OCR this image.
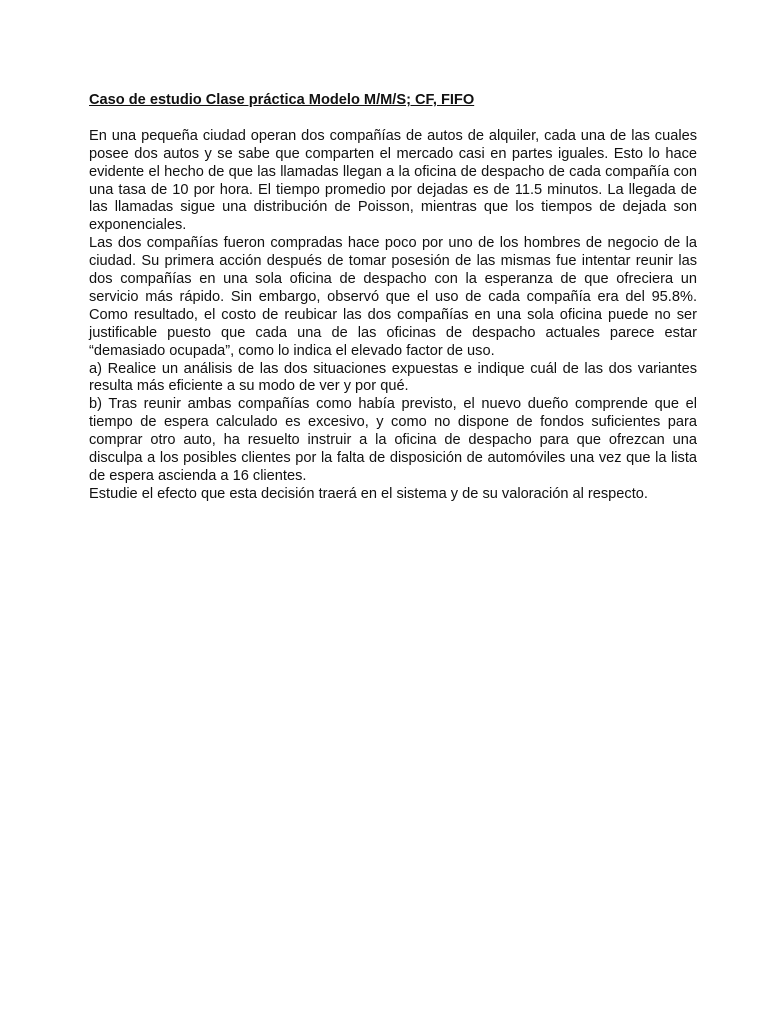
Caso de estudio Clase práctica Modelo M/M/S; CF, FIFO

En una pequeña ciudad operan dos compañías de autos de alquiler, cada una de las cuales posee dos autos y se sabe que comparten el mercado casi en partes iguales. Esto lo hace evidente el hecho de que las llamadas llegan a la oficina de despacho de cada compañía con una tasa de 10 por hora. El tiempo promedio por dejadas es de 11.5 minutos. La llegada de las llamadas sigue una distribución de Poisson, mientras que los tiempos de dejada son exponenciales.

Las dos compañías fueron compradas hace poco por uno de los hombres de negocio de la ciudad. Su primera acción después de tomar posesión de las mismas fue intentar reunir las dos compañías en una sola oficina de despacho con la esperanza de que ofreciera un servicio más rápido. Sin embargo, observó que el uso de cada compañía era del 95.8%. Como resultado, el costo de reubicar las dos compañías en una sola oficina puede no ser justificable puesto que cada una de las oficinas de despacho actuales parece estar “demasiado ocupada”, como lo indica el elevado factor de uso.

a) Realice un análisis de las dos situaciones expuestas e indique cuál de las dos variantes resulta más eficiente a su modo de ver y por qué.

b) Tras reunir ambas compañías como había previsto, el nuevo dueño comprende que el tiempo de espera calculado es excesivo, y como no dispone de fondos suficientes para comprar otro auto, ha resuelto instruir a la oficina de despacho para que ofrezcan una disculpa a los posibles clientes por la falta de disposición de automóviles una vez que la lista de espera ascienda a 16 clientes.

Estudie el efecto que esta decisión traerá en el sistema y de su valoración al respecto.
